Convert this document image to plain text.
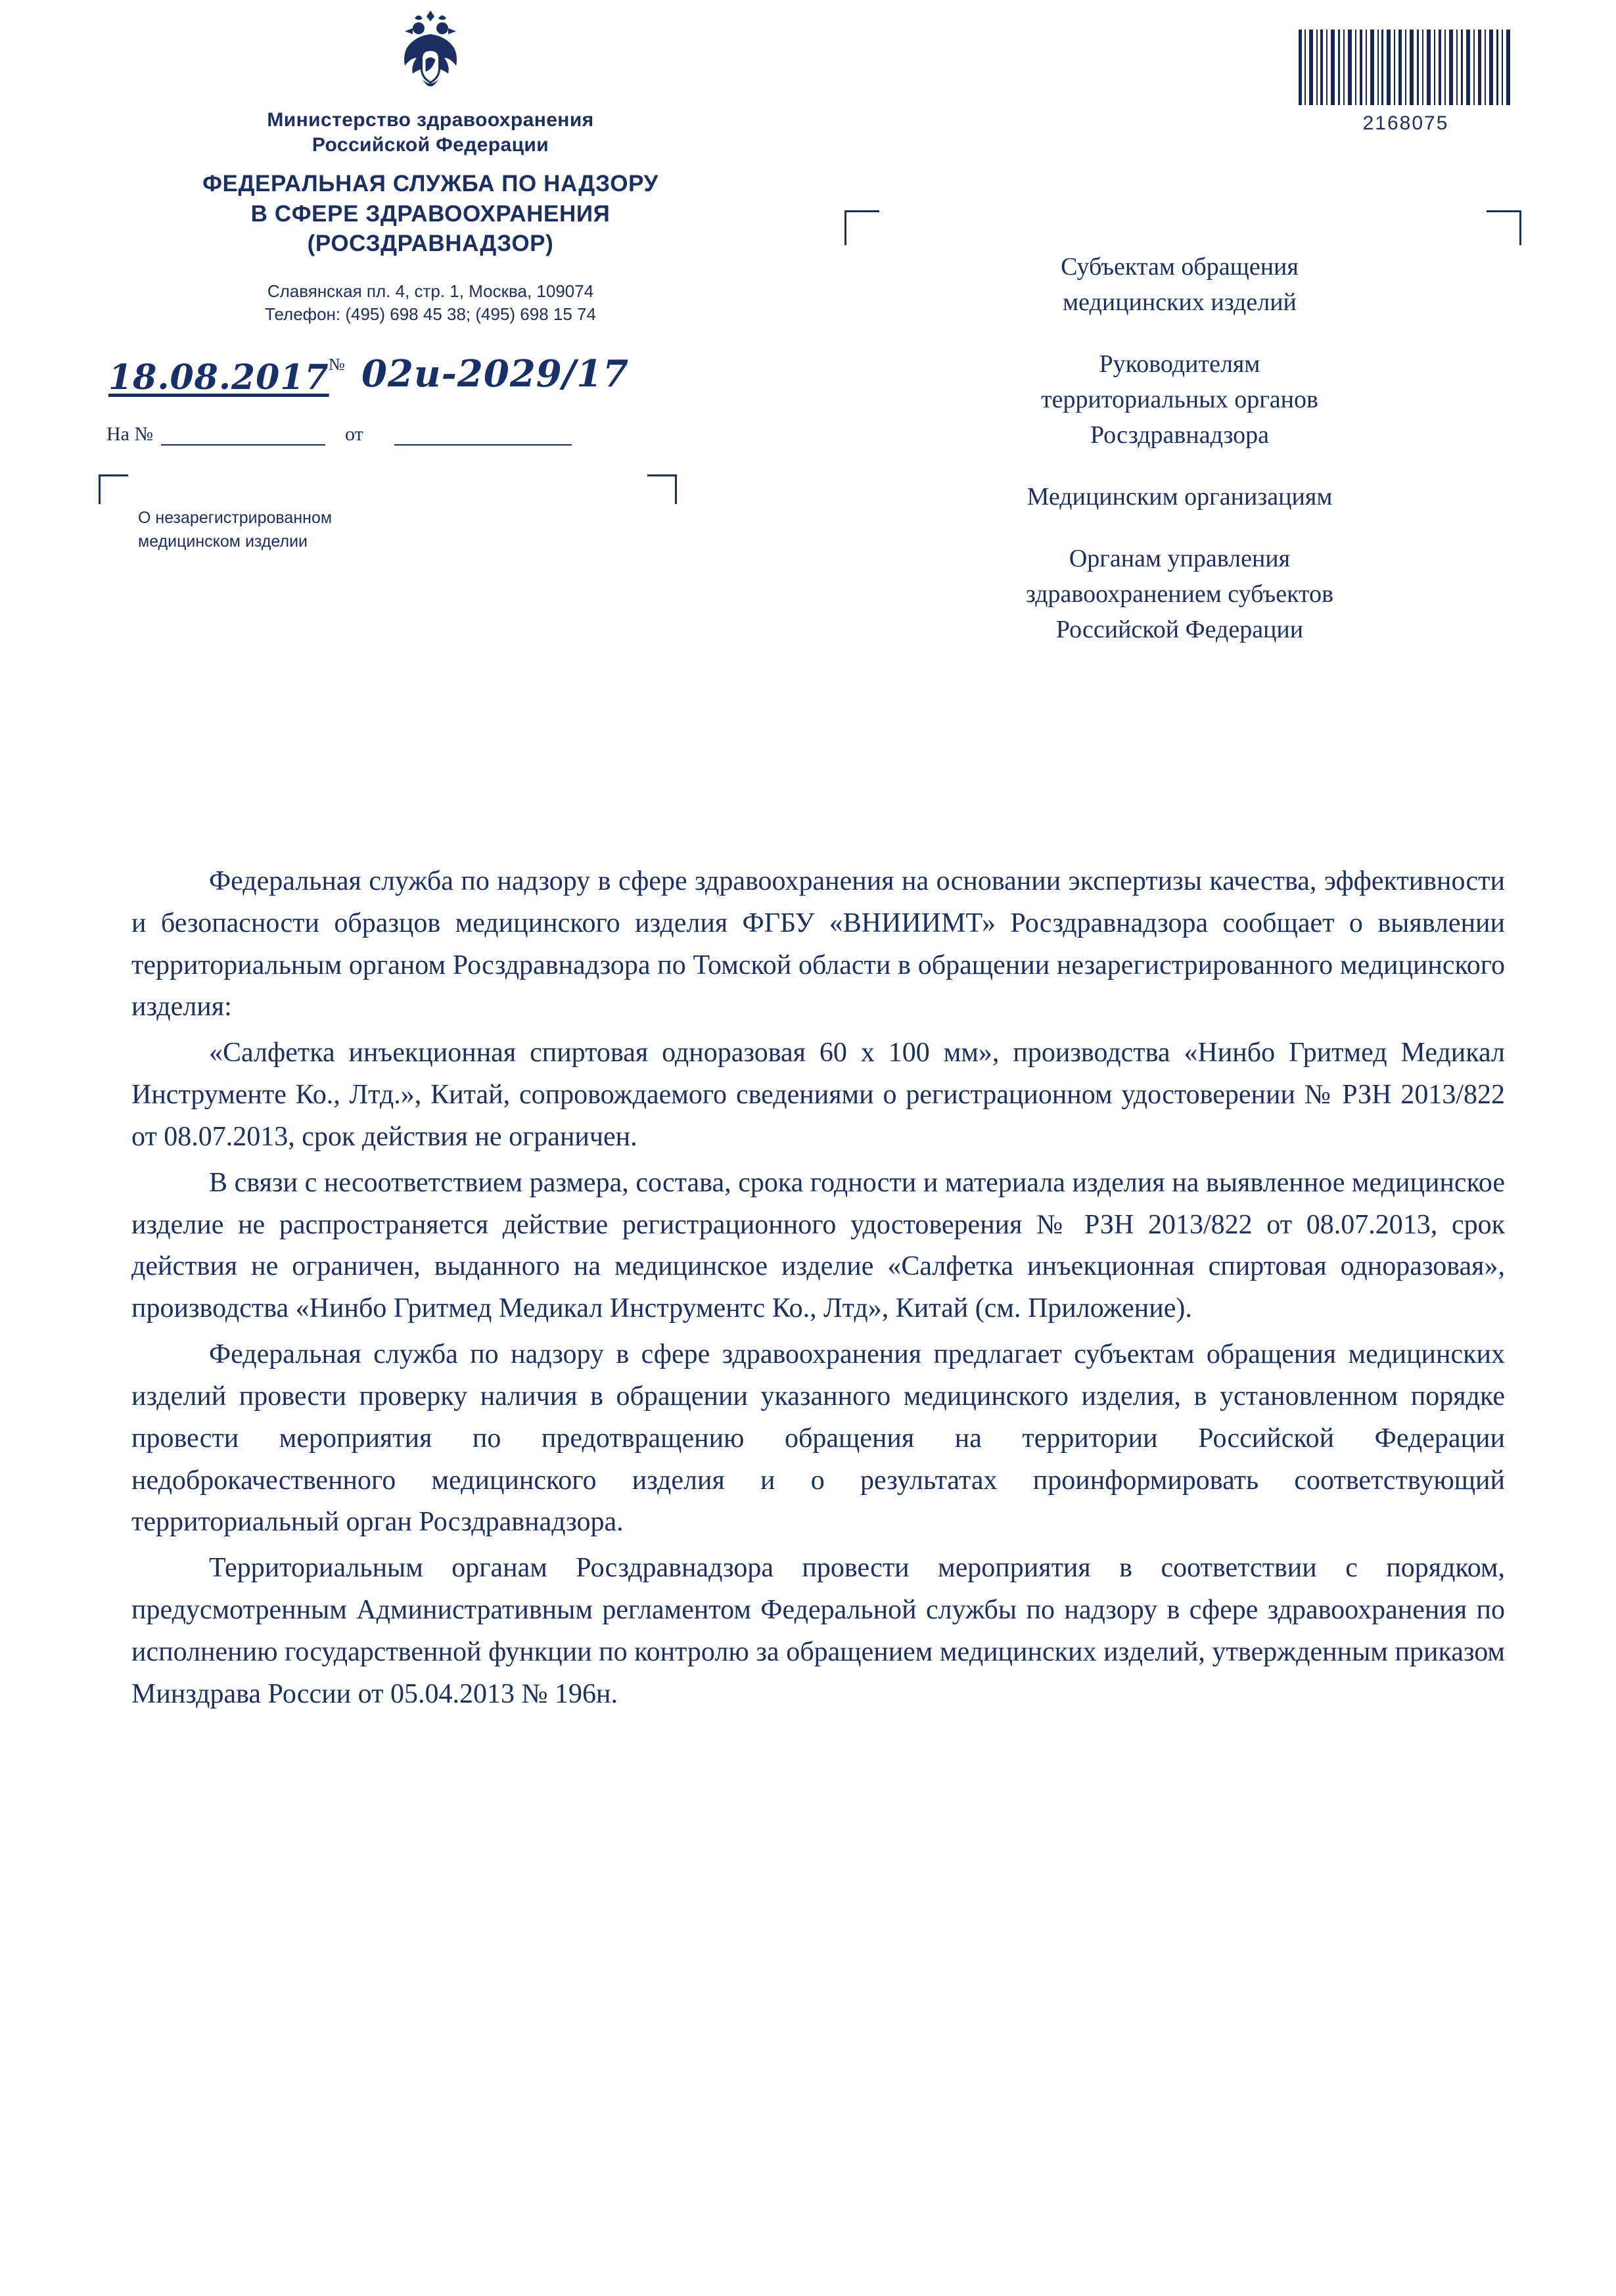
Министерство здравоохранения
Российской Федерации
ФЕДЕРАЛЬНАЯ СЛУЖБА ПО НАДЗОРУ
В СФЕРЕ ЗДРАВООХРАНЕНИЯ
(РОСЗДРАВНАДЗОР)
Славянская пл. 4, стр. 1, Москва, 109074
Телефон: (495) 698 45 38; (495) 698 15 74
18.08.2017 № 02и-2029/17
На №	от
О незарегистрированном
медицинском изделии
2168075
Субъектам обращения
медицинских изделий
Руководителям
территориальных органов
Росздравнадзора
Медицинским организациям
Органам управления
здравоохранением субъектов
Российской Федерации

Федеральная служба по надзору в сфере здравоохранения на основании экспертизы качества, эффективности и безопасности образцов медицинского изделия ФГБУ «ВНИИИМТ» Росздравнадзора сообщает о выявлении территориальным органом Росздравнадзора по Томской области в обращении незарегистрированного медицинского изделия:

«Салфетка инъекционная спиртовая одноразовая 60 х 100 мм», производства «Нинбо Гритмед Медикал Инструменте Ко., Лтд.», Китай, сопровождаемого сведениями о регистрационном удостоверении № РЗН 2013/822 от 08.07.2013, срок действия не ограничен.

В связи с несоответствием размера, состава, срока годности и материала изделия на выявленное медицинское изделие не распространяется действие регистрационного удостоверения № РЗН 2013/822 от 08.07.2013, срок действия не ограничен, выданного на медицинское изделие «Салфетка инъекционная спиртовая одноразовая», производства «Нинбо Гритмед Медикал Инструментс Ко., Лтд», Китай (см. Приложение).

Федеральная служба по надзору в сфере здравоохранения предлагает субъектам обращения медицинских изделий провести проверку наличия в обращении указанного медицинского изделия, в установленном порядке провести мероприятия по предотвращению обращения на территории Российской Федерации недоброкачественного медицинского изделия и о результатах проинформировать соответствующий территориальный орган Росздравнадзора.

Территориальным органам Росздравнадзора провести мероприятия в соответствии с порядком, предусмотренным Административным регламентом Федеральной службы по надзору в сфере здравоохранения по исполнению государственной функции по контролю за обращением медицинских изделий, утвержденным приказом Минздрава России от 05.04.2013 № 196н.
